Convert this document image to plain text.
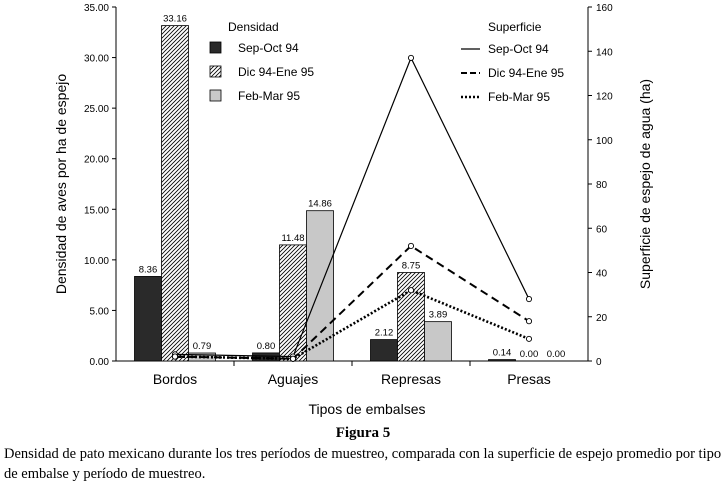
0.00
5.00
10.00
15.00
20.00
25.00
30.00
35.00
0
20
40
60
80
100
120
140
160
Bordos	Aguajes	Represas	Presas
Tipos de embalses
Densidad de aves por ha de espejo	Superficie de espejo de agua (ha)
8.36
0.80
2.12
0.14
33.16
11.48
8.75
0.00
0.79
14.86
3.89
0.00
Densidad
Sep-Oct 94
Dic 94-Ene 95
Feb-Mar 95
Superficie
Sep-Oct 94
Dic 94-Ene 95
Feb-Mar 95
Figura 5
Densidad de pato mexicano durante los tres períodos de muestreo, comparada con la superficie de espejo promedio por tipo de embalse y período de muestreo.
